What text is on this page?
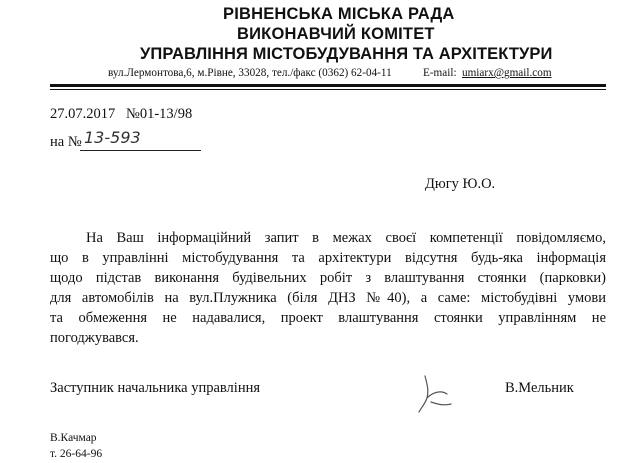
РІВНЕНСЬКА МІСЬКА РАДА
ВИКОНАВЧИЙ КОМІТЕТ
УПРАВЛІННЯ МІСТОБУДУВАННЯ ТА АРХІТЕКТУРИ
вул.Лермонтова,6, м.Рівне, 33028, тел./факс (0362) 62-04-11	E-mail: umiarx@gmail.com
27.07.2017 №01-13/98
на № 13-593
Дюгу Ю.О.
На Ваш інформаційний запит в межах своєї компетенції повідомляємо,
що в управлінні містобудування та архітектури відсутня будь-яка інформація
щодо підстав виконання будівельних робіт з влаштування стоянки (парковки)
для автомобілів на вул.Плужника (біля ДНЗ №40), а саме: містобудівні умови
та обмеження не надавалися, проект влаштування стоянки управлінням не
погоджувався.
Заступник начальника управління	В.Мельник
В.Качмар
т. 26-64-96
